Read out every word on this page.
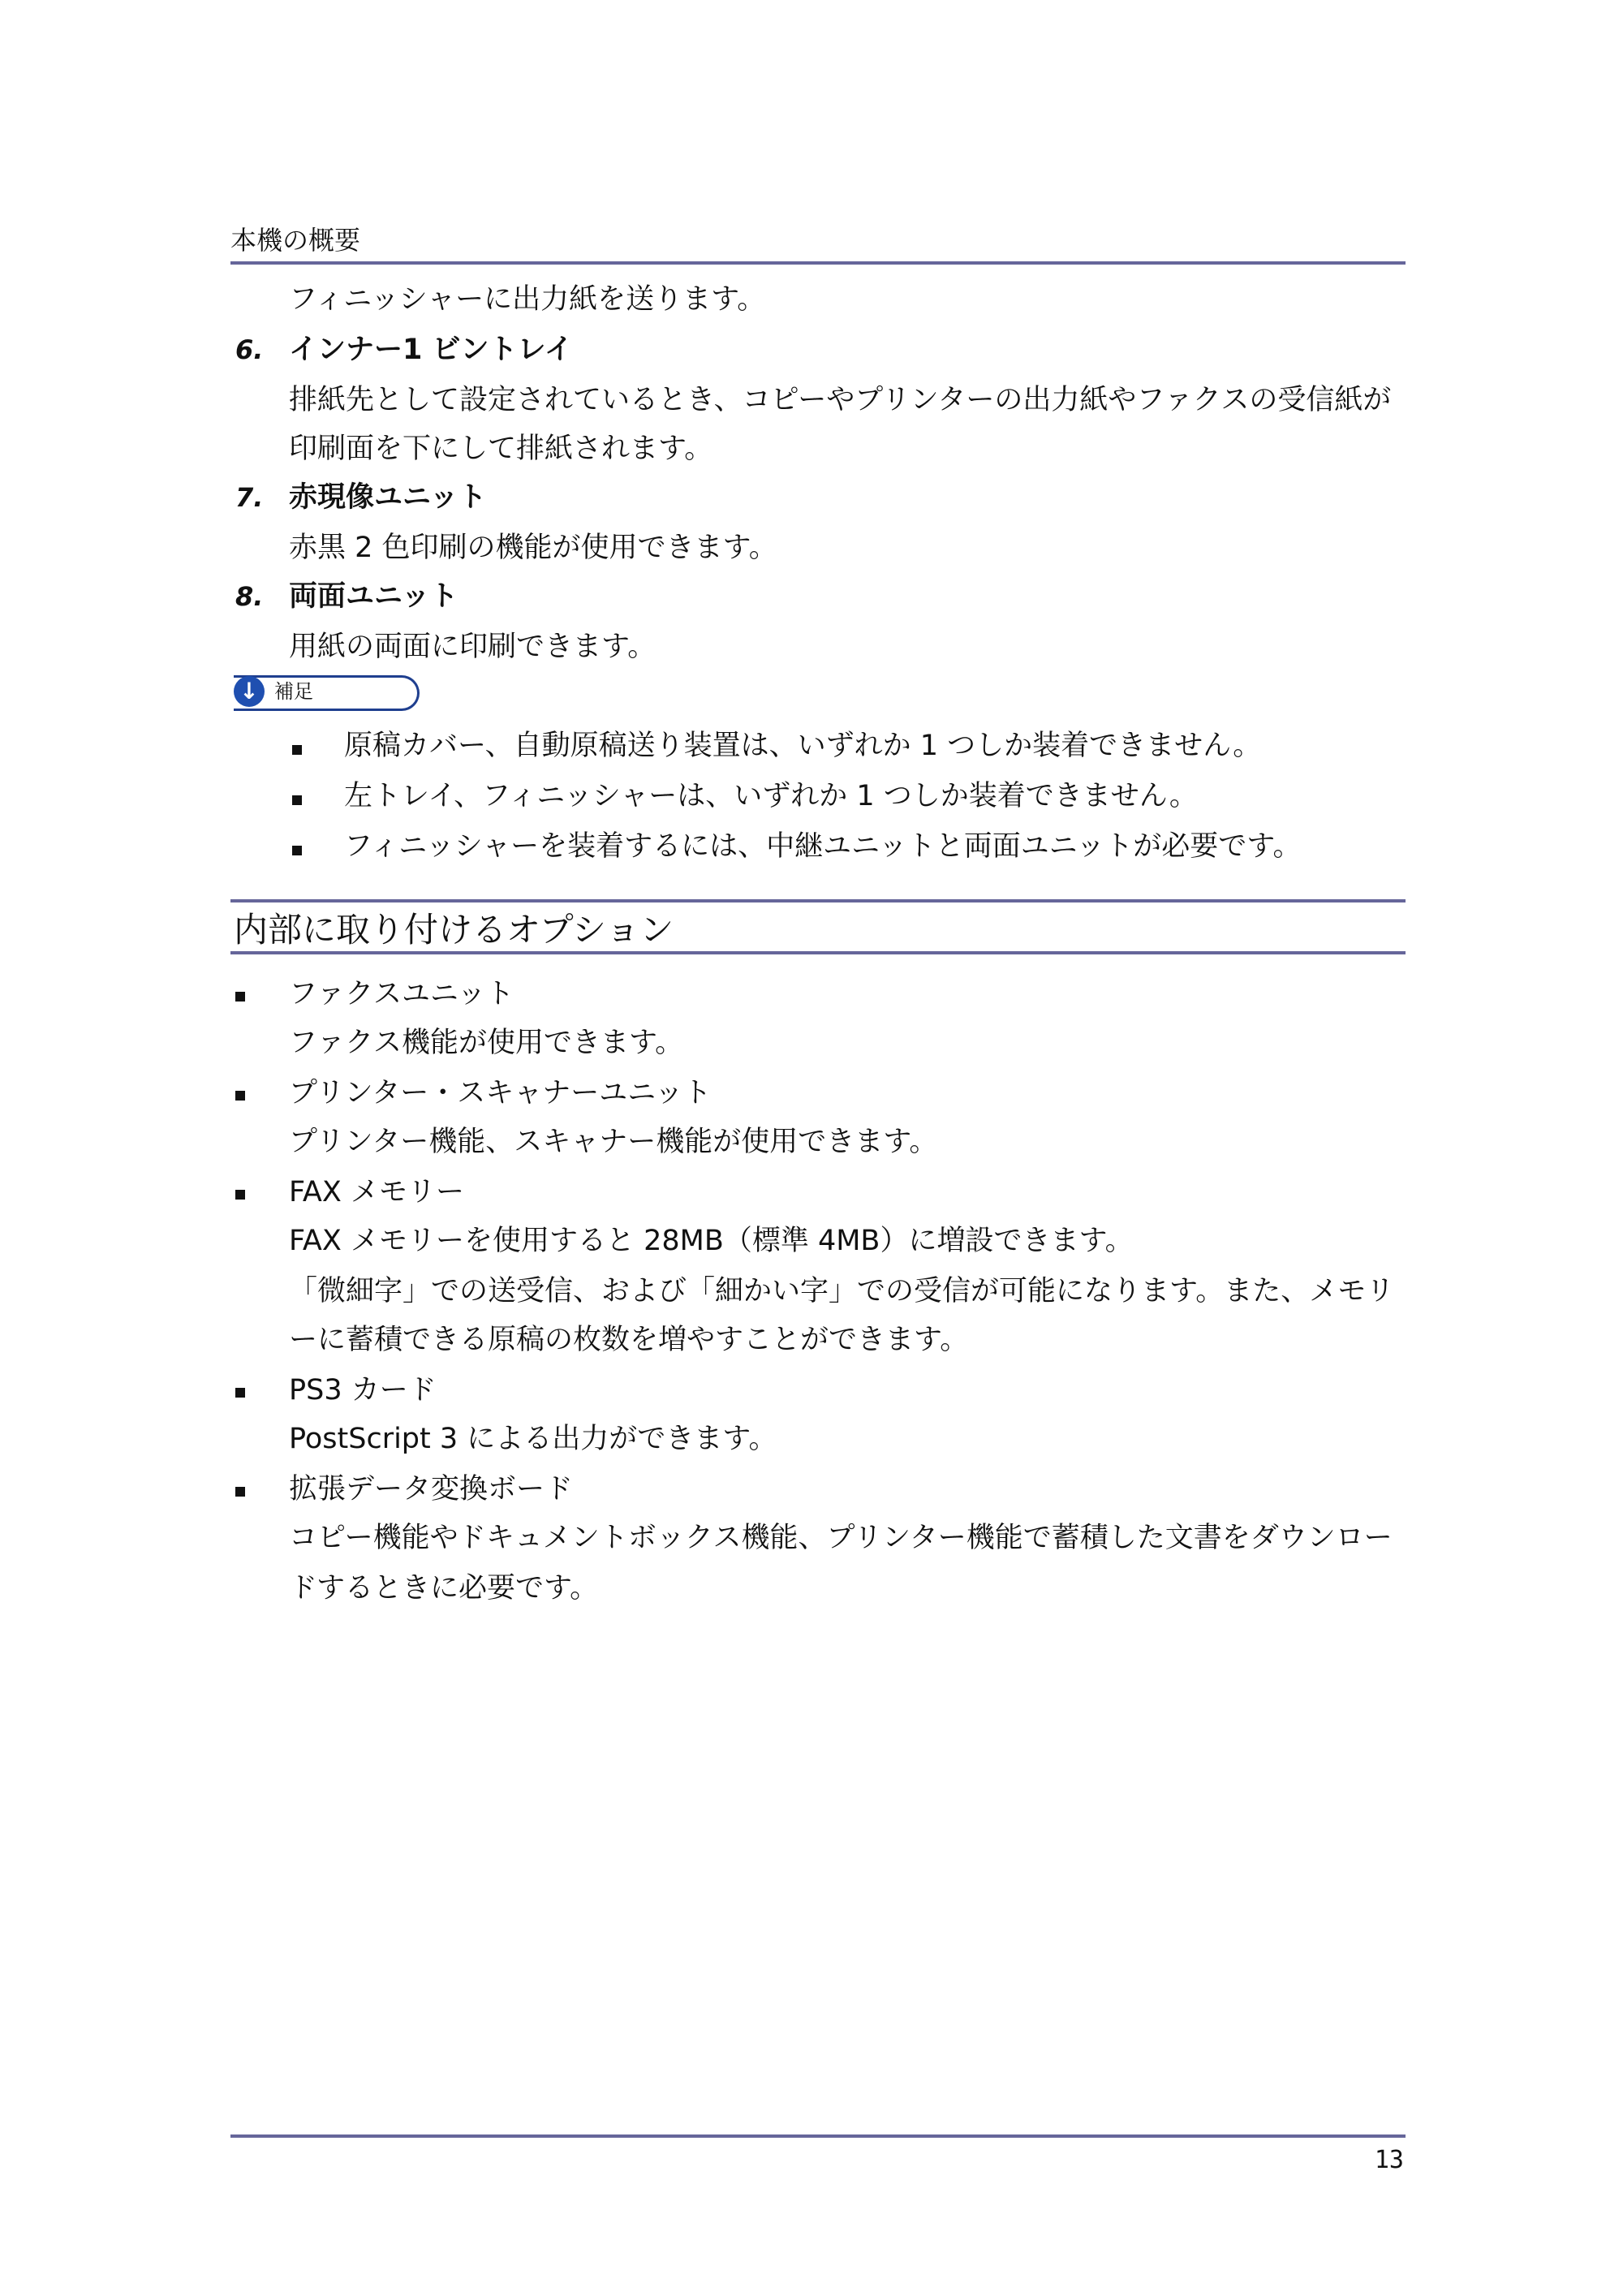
本機の概要
フィニッシャーに出力紙を送ります。
6. インナー1 ビントレイ
排紙先として設定されているとき、コピーやプリンターの出力紙やファクスの受信紙が
印刷面を下にして排紙されます。
7. 赤現像ユニット
赤黒 2 色印刷の機能が使用できます。
8. 両面ユニット
用紙の両面に印刷できます。
↓
補足
原稿カバー、自動原稿送り装置は、いずれか 1 つしか装着できません。
左トレイ、フィニッシャーは、いずれか 1 つしか装着できません。
フィニッシャーを装着するには、中継ユニットと両面ユニットが必要です。
内部に取り付けるオプション
ファクスユニット
ファクス機能が使用できます。
プリンター・スキャナーユニット
プリンター機能、スキャナー機能が使用できます。
FAX メモリー
FAX メモリーを使用すると 28MB（標準 4MB）に増設できます。
「微細字」での送受信、および「細かい字」での受信が可能になります。また、メモリ
ーに蓄積できる原稿の枚数を増やすことができます。
PS3 カード
PostScript 3 による出力ができます。
拡張データ変換ボード
コピー機能やドキュメントボックス機能、プリンター機能で蓄積した文書をダウンロー
ドするときに必要です。
13
